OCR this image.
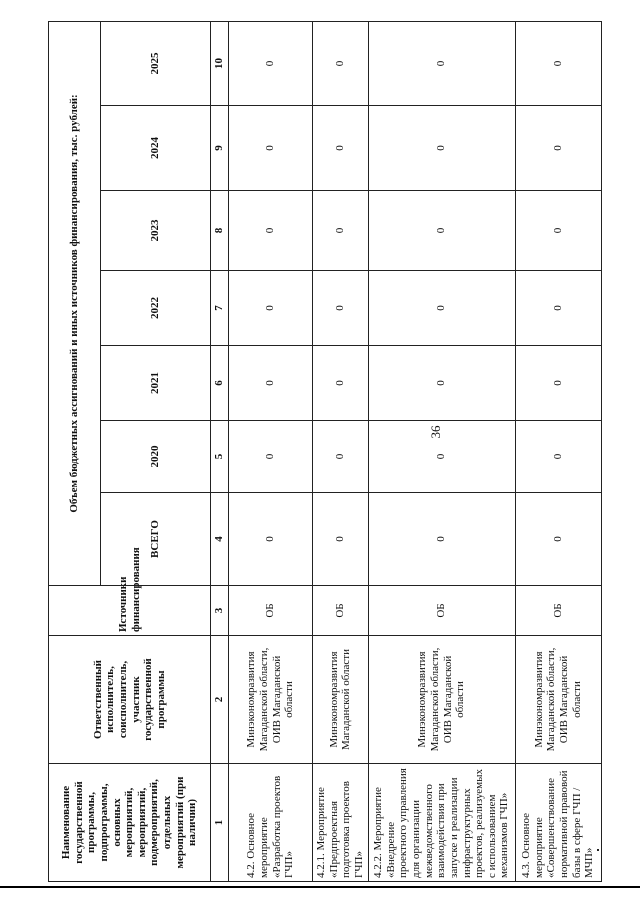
36
Наименование государственной программы, подпрограммы, основных мероприятий, мероприятий, подмероприятий, отдельных мероприятий (при наличии)	Ответственный исполнитель, соисполнитель, участник государственной программы	Источники финансирования	Объем бюджетных ассигнований и иных источников финансирования, тыс. рублей:						
			ВСЕГО	2020	2021	2022	2023	2024	2025
1	2	3	4	5	6	7	8	9	10
4.2. Основное мероприятие «Разработка проектов ГЧП»	Минэкономразвития Магаданской области, ОИВ Магаданской области	ОБ	0	0	0	0	0	0	0
4.2.1. Мероприятие «Предпроектная подготовка проектов ГЧП»	Минэкономразвития Магаданской области	ОБ	0	0	0	0	0	0	0
4.2.2. Мероприятие «Внедрение проектного управления для организации межведомственного взаимодействия при запуске и реализации инфраструктурных проектов, реализуемых с использованием механизмов ГЧП»	Минэкономразвития Магаданской области, ОИВ Магаданской области	ОБ	0	0	0	0	0	0	0
4.3. Основное мероприятие «Совершенствование нормативной правовой базы в сфере ГЧП / МЧП»	Минэкономразвития Магаданской области, ОИВ Магаданской области	ОБ	0	0	0	0	0	0	0
